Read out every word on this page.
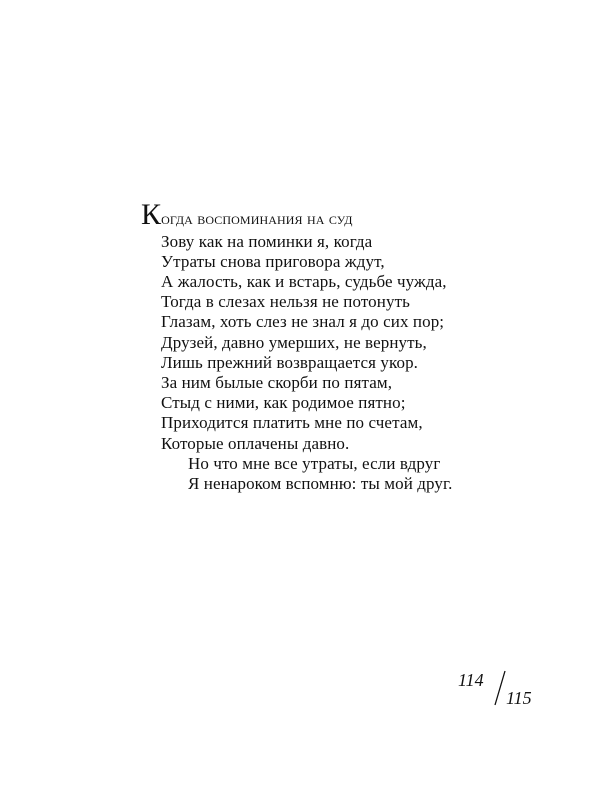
Когда воспоминания на суд
Зову как на поминки я, когда
Утраты снова приговора ждут,
А жалость, как и встарь, судьбе чужда,
Тогда в слезах нельзя не потонуть
Глазам, хоть слез не знал я до сих пор;
Друзей, давно умерших, не вернуть,
Лишь прежний возвращается укор.
За ним былые скорби по пятам,
Стыд с ними, как родимое пятно;
Приходится платить мне по счетам,
Которые оплачены давно.
Но что мне все утраты, если вдруг
Я ненароком вспомню: ты мой друг.
114
115
